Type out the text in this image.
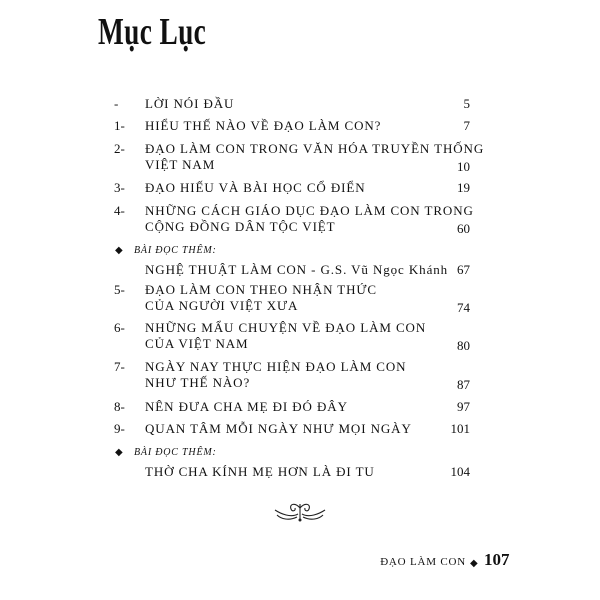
Mục Lục
- LỜI NÓI ĐẦU	5
1- HIỂU THẾ NÀO VỀ ĐẠO LÀM CON?	7
2- ĐẠO LÀM CON TRONG VĂN HÓA TRUYỀN THỐNG
VIỆT NAM	10
3- ĐẠO HIẾU VÀ BÀI HỌC CỔ ĐIỂN	19
4- NHỮNG CÁCH GIÁO DỤC ĐẠO LÀM CON TRONG
CỘNG ĐỒNG DÂN TỘC VIỆT	60
◆ BÀI ĐỌC THÊM:
NGHỆ THUẬT LÀM CON - G.S. Vũ Ngọc Khánh 67
5- ĐẠO LÀM CON THEO NHẬN THỨC
CỦA NGƯỜI VIỆT XƯA	74
6- NHỮNG MẨU CHUYỆN VỀ ĐẠO LÀM CON
CỦA VIỆT NAM	80
7- NGÀY NAY THỰC HIỆN ĐẠO LÀM CON
NHƯ THẾ NÀO?	87
8- NÊN ĐƯA CHA MẸ ĐI ĐÓ ĐÂY	97
9- QUAN TÂM MỖI NGÀY NHƯ MỌI NGÀY	101
◆ BÀI ĐỌC THÊM:
THỜ CHA KÍNH MẸ HƠN LÀ ĐI TU	104
ĐẠO LÀM CON ◆ 107
